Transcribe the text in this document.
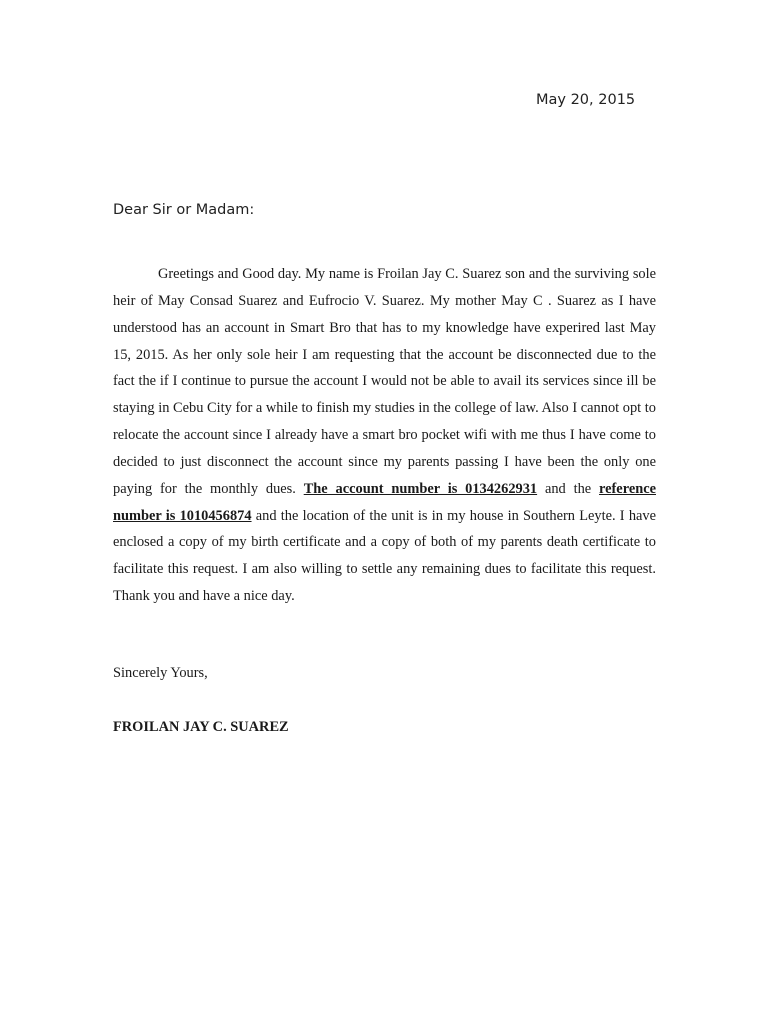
May 20, 2015
Dear Sir or Madam:
Greetings and Good day. My name is Froilan Jay C. Suarez son and the surviving sole heir of May Consad Suarez and Eufrocio V. Suarez. My mother May C . Suarez as I have understood has an account in Smart Bro that has to my knowledge have experired last May 15, 2015. As her only sole heir I am requesting that the account be disconnected due to the fact the if I continue to pursue the account I would not be able to avail its services since ill be staying in Cebu City for a while to finish my studies in the college of law. Also I cannot opt to relocate the account since I already have a smart bro pocket wifi with me thus I have come to decided to just disconnect the account since my parents passing I have been the only one paying for the monthly dues. The account number is 0134262931 and the reference number is 1010456874 and the location of the unit is in my house in Southern Leyte. I have enclosed a copy of my birth certificate and a copy of both of my parents death certificate to facilitate this request. I am also willing to settle any remaining dues to facilitate this request. Thank you and have a nice day.
Sincerely Yours,
FROILAN JAY C. SUAREZ
